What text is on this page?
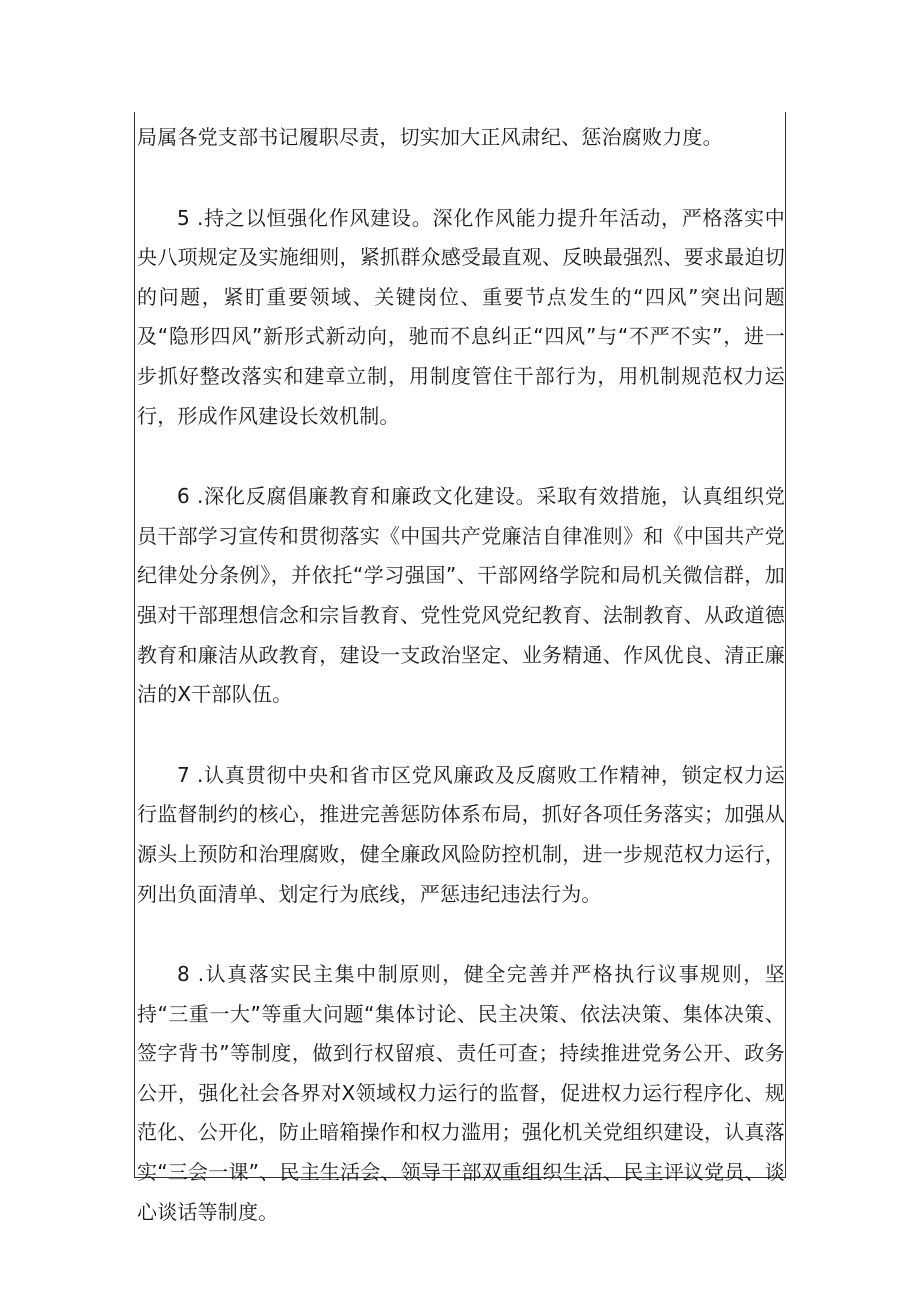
局属各党支部书记履职尽责，切实加大正风肃纪、惩治腐败力度。

5 .持之以恒强化作风建设。深化作风能力提升年活动，严格落实中央八项规定及实施细则，紧抓群众感受最直观、反映最强烈、要求最迫切的问题，紧盯重要领域、关键岗位、重要节点发生的“四风”突出问题及“隐形四风”新形式新动向，驰而不息纠正“四风”与“不严不实”，进一步抓好整改落实和建章立制，用制度管住干部行为，用机制规范权力运行，形成作风建设长效机制。

6 .深化反腐倡廉教育和廉政文化建设。采取有效措施，认真组织党员干部学习宣传和贯彻落实《中国共产党廉洁自律准则》和《中国共产党纪律处分条例》，并依托“学习强国”、干部网络学院和局机关微信群，加强对干部理想信念和宗旨教育、党性党风党纪教育、法制教育、从政道德教育和廉洁从政教育，建设一支政治坚定、业务精通、作风优良、清正廉洁的X干部队伍。

7 .认真贯彻中央和省市区党风廉政及反腐败工作精神，锁定权力运行监督制约的核心，推进完善惩防体系布局，抓好各项任务落实；加强从源头上预防和治理腐败，健全廉政风险防控机制，进一步规范权力运行，列出负面清单、划定行为底线，严惩违纪违法行为。

8 .认真落实民主集中制原则，健全完善并严格执行议事规则，坚持“三重一大”等重大问题“集体讨论、民主决策、依法决策、集体决策、签字背书”等制度，做到行权留痕、责任可查；持续推进党务公开、政务公开，强化社会各界对X领域权力运行的监督，促进权力运行程序化、规范化、公开化，防止暗箱操作和权力滥用；强化机关党组织建设，认真落实“三会一课”、民主生活会、领导干部双重组织生活、民主评议党员、谈心谈话等制度。
